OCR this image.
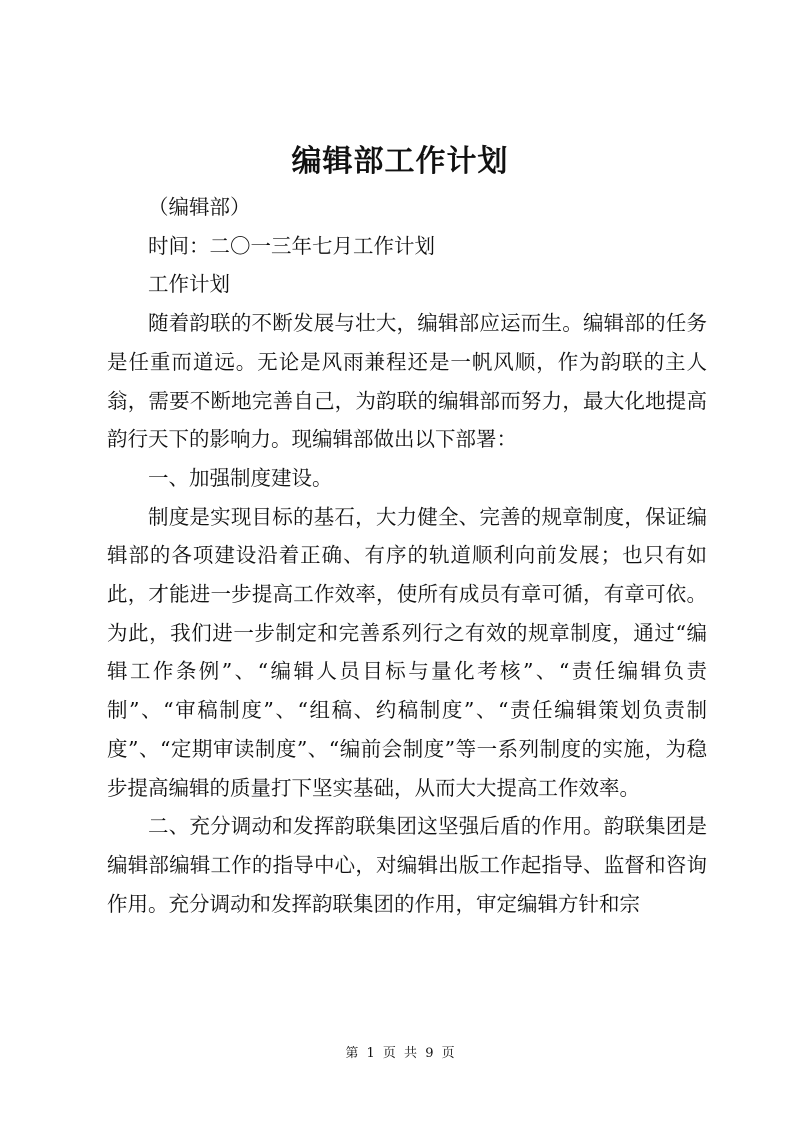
编辑部工作计划

（编辑部）

时间：二〇一三年七月工作计划

工作计划

随着韵联的不断发展与壮大，编辑部应运而生。编辑部的任务是任重而道远。无论是风雨兼程还是一帆风顺，作为韵联的主人翁，需要不断地完善自己，为韵联的编辑部而努力，最大化地提高韵行天下的影响力。现编辑部做出以下部署：

一、加强制度建设。

制度是实现目标的基石，大力健全、完善的规章制度，保证编辑部的各项建设沿着正确、有序的轨道顺利向前发展；也只有如此，才能进一步提高工作效率，使所有成员有章可循，有章可依。为此，我们进一步制定和完善系列行之有效的规章制度，通过“编辑工作条例”、“编辑人员目标与量化考核”、“责任编辑负责制”、“审稿制度”、“组稿、约稿制度”、“责任编辑策划负责制度”、“定期审读制度”、“编前会制度”等一系列制度的实施，为稳步提高编辑的质量打下坚实基础，从而大大提高工作效率。

二、充分调动和发挥韵联集团这坚强后盾的作用。韵联集团是编辑部编辑工作的指导中心，对编辑出版工作起指导、监督和咨询作用。充分调动和发挥韵联集团的作用，审定编辑方针和宗

第 1 页 共 9 页
